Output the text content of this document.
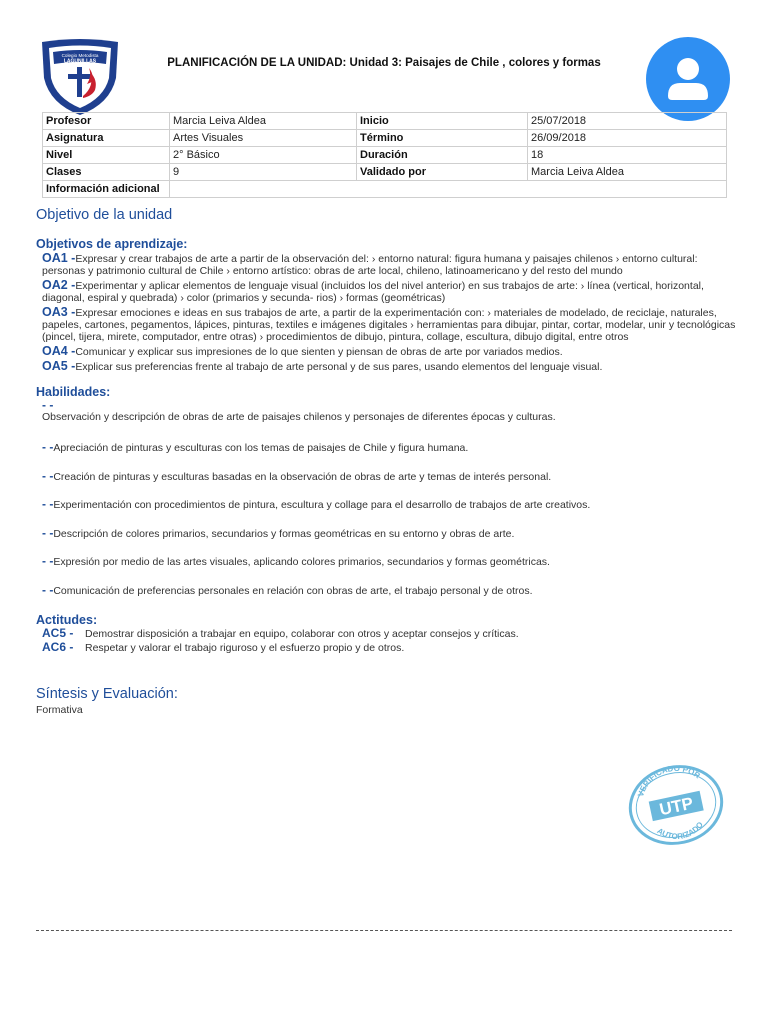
Colegio Metodista
LAGUNILLAS	PLANIFICACIÓN DE LA UNIDAD: Unidad 3: Paisajes de Chile , colores y formas
Profesor	Marcia Leiva Aldea	Inicio	25/07/2018
Asignatura	Artes Visuales	Término	26/09/2018
Nivel	2° Básico	Duración	18
Clases	9	Validado por	Marcia Leiva Aldea
Información adicional			
Objetivo de la unidad
Objetivos de aprendizaje:
OA1 -Expresar y crear trabajos de arte a partir de la observación del: › entorno natural: figura humana y paisajes chilenos › entorno cultural: personas y patrimonio cultural de Chile › entorno artístico: obras de arte local, chileno, latinoamericano y del resto del mundo
OA2 -Experimentar y aplicar elementos de lenguaje visual (incluidos los del nivel anterior) en sus trabajos de arte: › línea (vertical, horizontal, diagonal, espiral y quebrada) › color (primarios y secunda- rios) › formas (geométricas)
OA3 -Expresar emociones e ideas en sus trabajos de arte, a partir de la experimentación con: › materiales de modelado, de reciclaje, naturales, papeles, cartones, pegamentos, lápices, pinturas, textiles e imágenes digitales › herramientas para dibujar, pintar, cortar, modelar, unir y tecnológicas (pincel, tijera, mirete, computador, entre otras) › procedimientos de dibujo, pintura, collage, escultura, dibujo digital, entre otros
OA4 -Comunicar y explicar sus impresiones de lo que sienten y piensan de obras de arte por variados medios.
OA5 -Explicar sus preferencias frente al trabajo de arte personal y de sus pares, usando elementos del lenguaje visual.
Habilidades:
- -
Observación y descripción de obras de arte de paisajes chilenos y personajes de diferentes épocas y culturas.
- -Apreciación de pinturas y esculturas con los temas de paisajes de Chile y figura humana.
- -Creación de pinturas y esculturas basadas en la observación de obras de arte y temas de interés personal.
- -Experimentación con procedimientos de pintura, escultura y collage para el desarrollo de trabajos de arte creativos.
- -Descripción de colores primarios, secundarios y formas geométricas en su entorno y obras de arte.
- -Expresión por medio de las artes visuales, aplicando colores primarios, secundarios y formas geométricas.
- -Comunicación de preferencias personales en relación con obras de arte, el trabajo personal y de otros.
Actitudes:
AC5 - Demostrar disposición a trabajar en equipo, colaborar con otros y aceptar consejos y críticas.
AC6 - Respetar y valorar el trabajo riguroso y el esfuerzo propio y de otros.
Síntesis y Evaluación:
Formativa
VERIFICADO POR
AUTORIZADO
UTP
